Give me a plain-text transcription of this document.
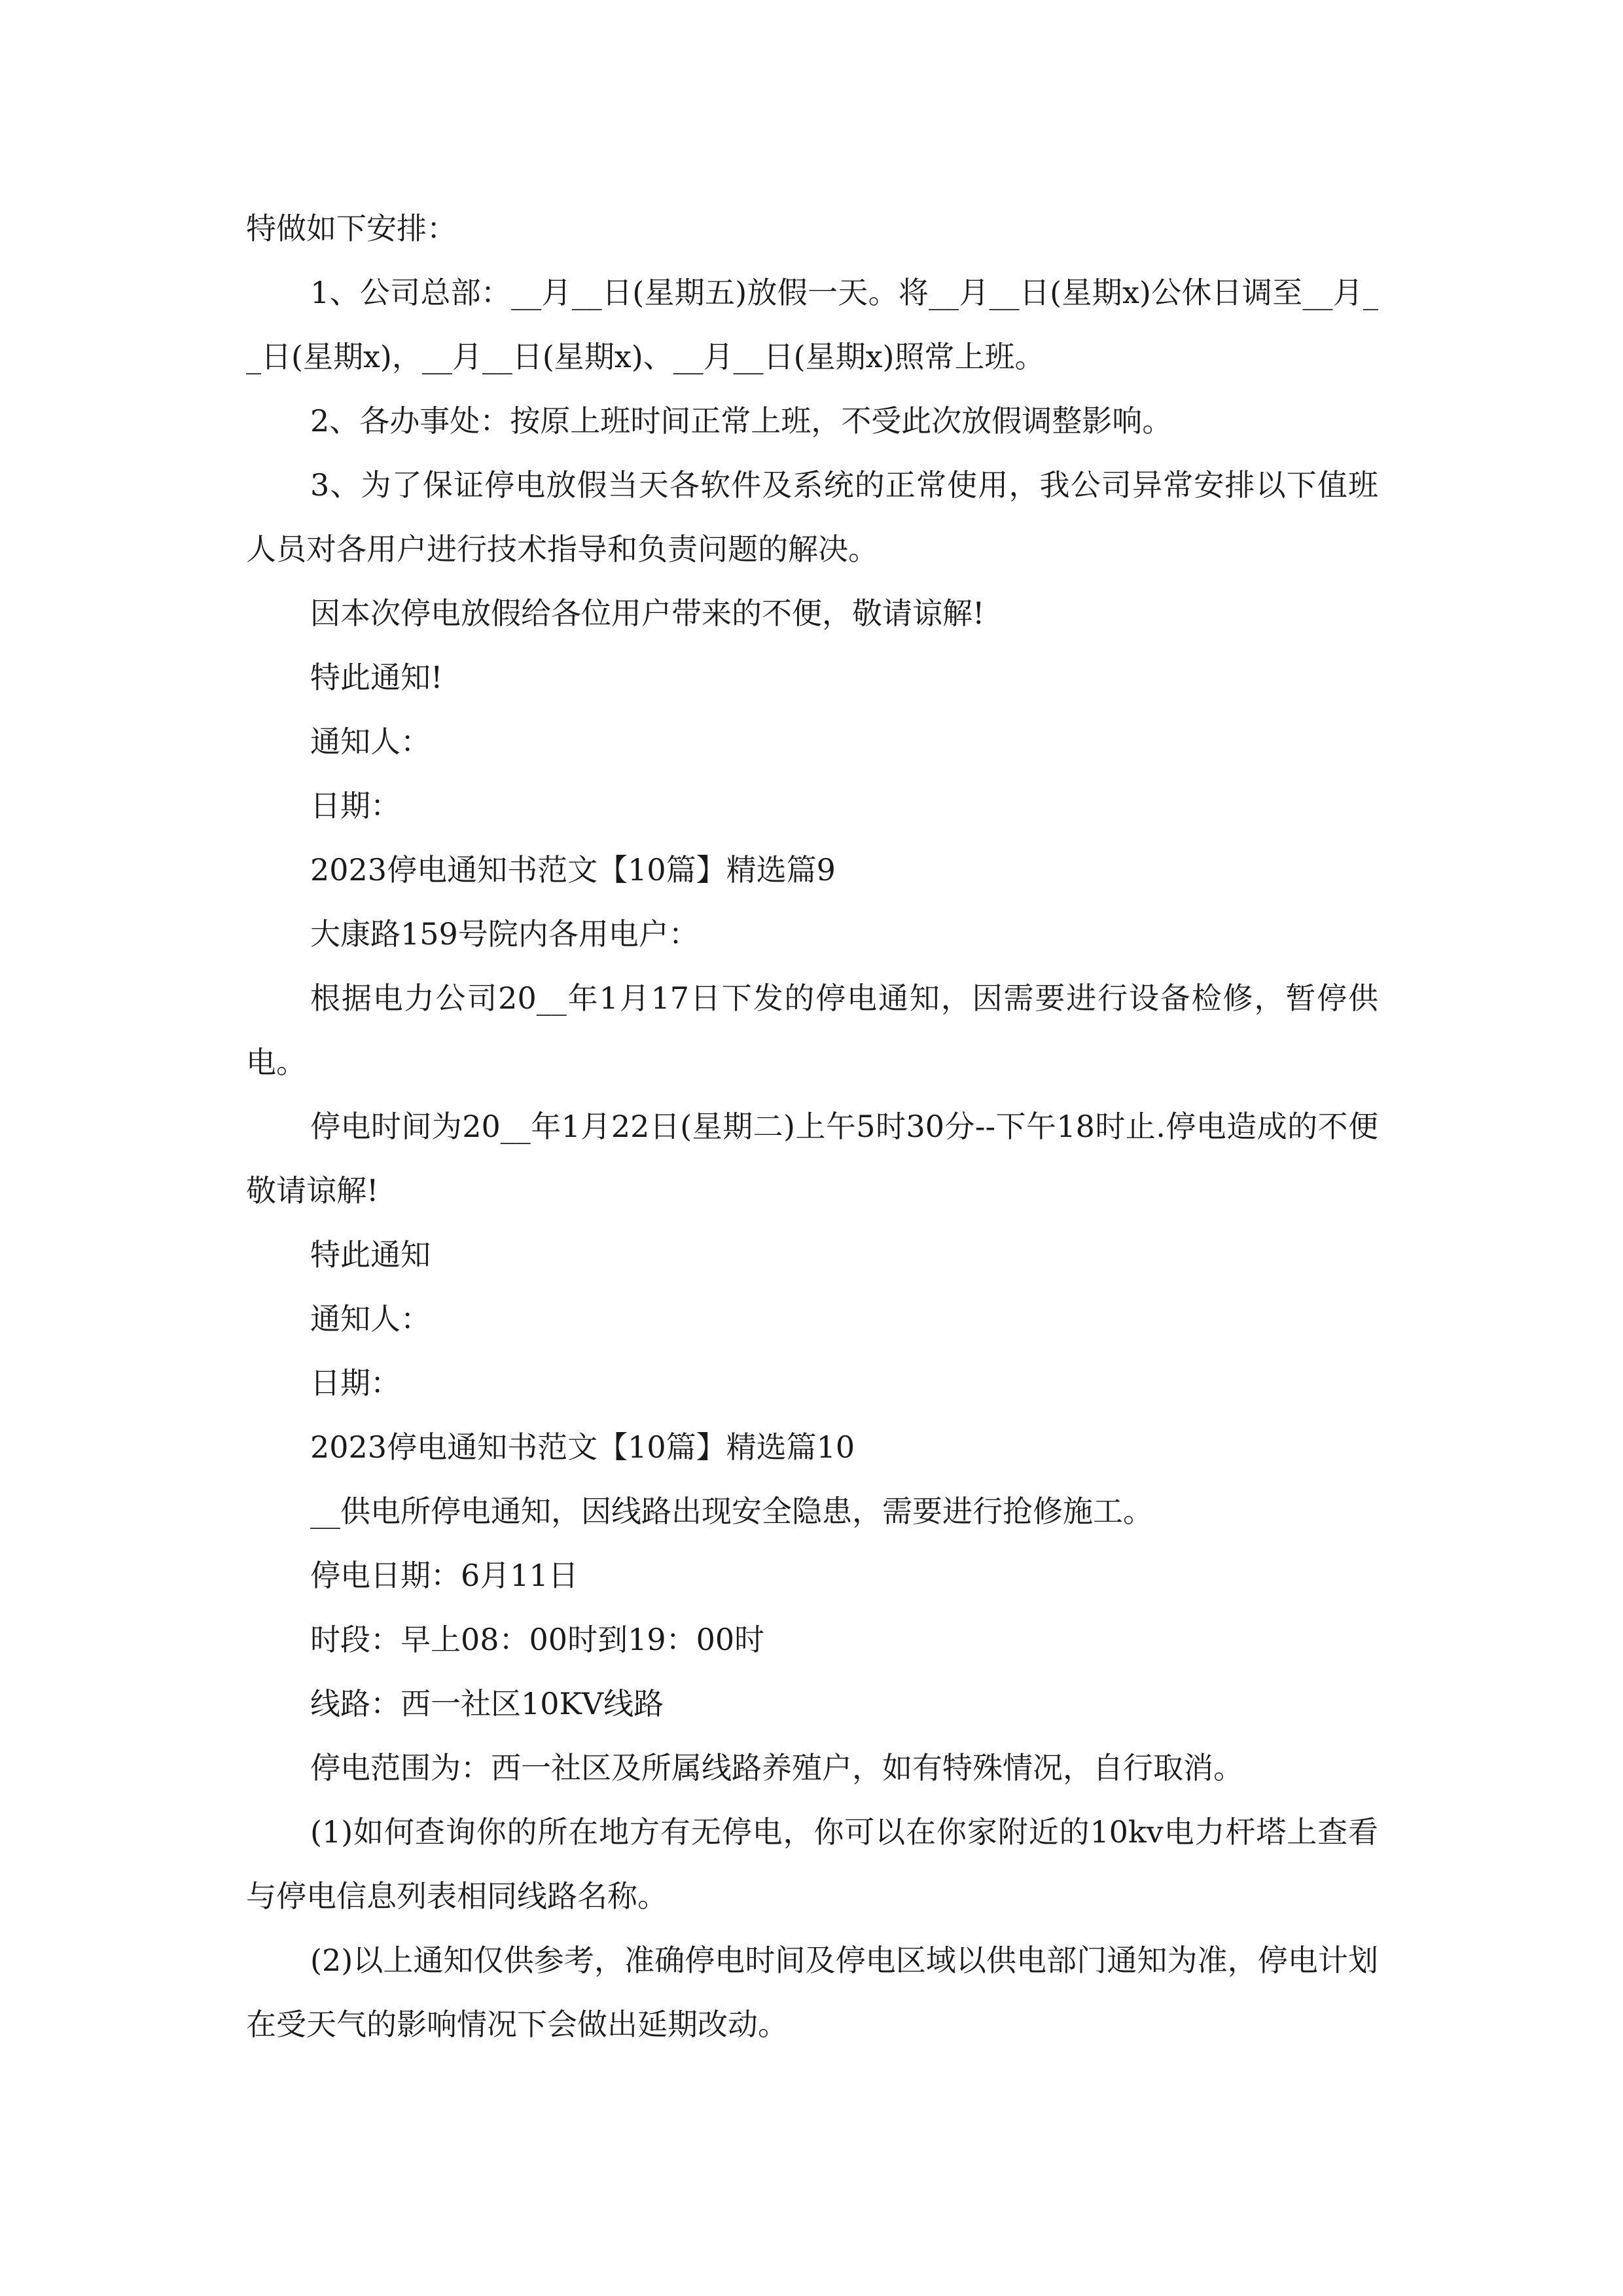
特做如下安排：

1、公司总部：__月__日(星期五)放假一天。将__月__日(星期x)公休日调至__月__日(星期x)，__月__日(星期x)、__月__日(星期x)照常上班。

2、各办事处：按原上班时间正常上班，不受此次放假调整影响。

3、为了保证停电放假当天各软件及系统的正常使用，我公司异常安排以下值班人员对各用户进行技术指导和负责问题的解决。

因本次停电放假给各位用户带来的不便，敬请谅解!

特此通知!

通知人：

日期：

2023停电通知书范文【10篇】精选篇9

大康路159号院内各用电户：

根据电力公司20__年1月17日下发的停电通知，因需要进行设备检修，暂停供电。

停电时间为20__年1月22日(星期二)上午5时30分--下午18时止.停电造成的不便敬请谅解!

特此通知

通知人：

日期：

2023停电通知书范文【10篇】精选篇10

__供电所停电通知，因线路出现安全隐患，需要进行抢修施工。

停电日期：6月11日

时段：早上08：00时到19：00时

线路：西一社区10KV线路

停电范围为：西一社区及所属线路养殖户，如有特殊情况，自行取消。

(1)如何查询你的所在地方有无停电，你可以在你家附近的10kv电力杆塔上查看与停电信息列表相同线路名称。

(2)以上通知仅供参考，准确停电时间及停电区域以供电部门通知为准，停电计划在受天气的影响情况下会做出延期改动。
